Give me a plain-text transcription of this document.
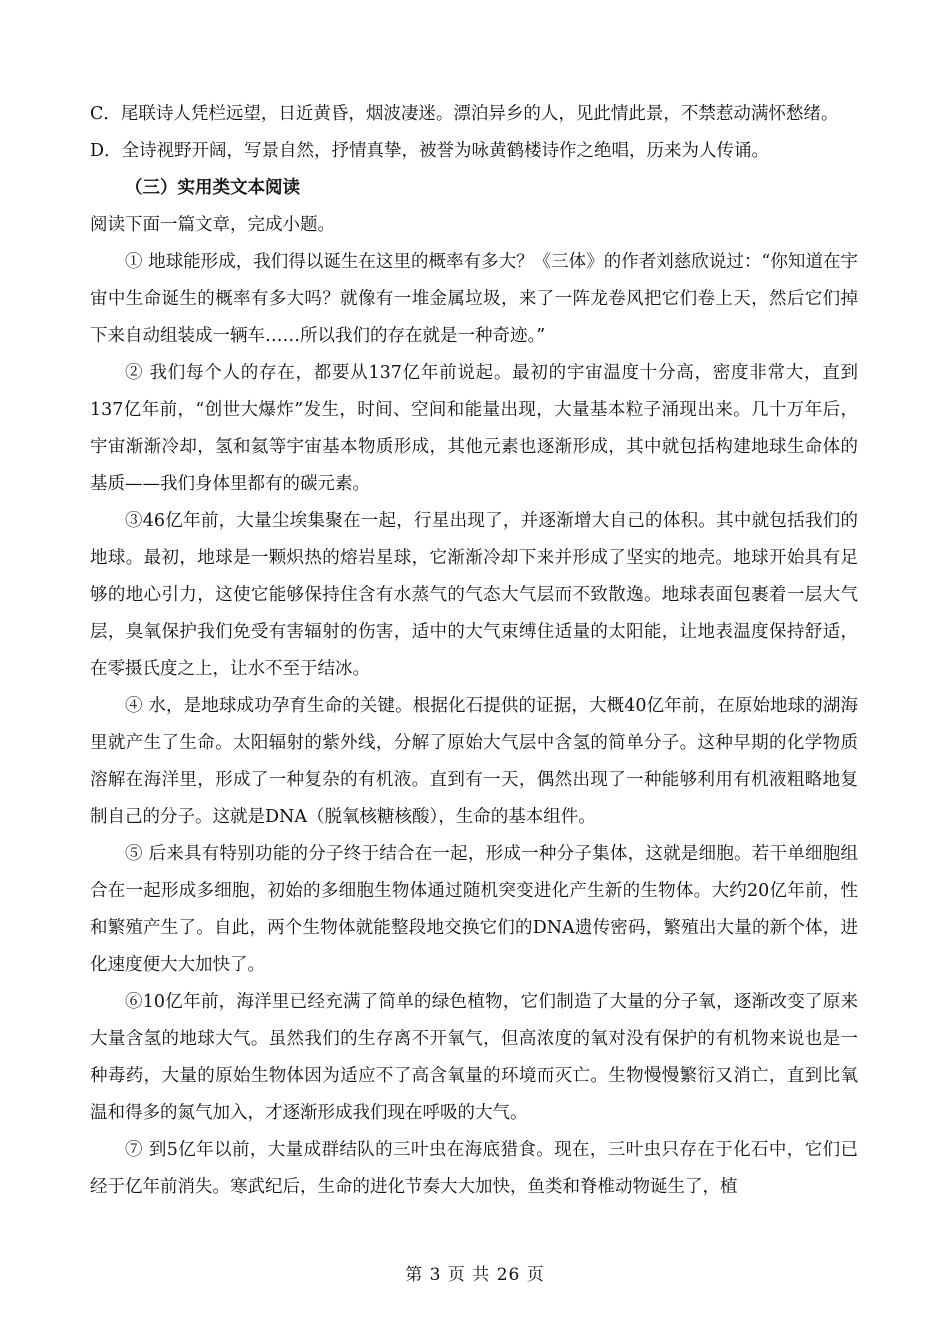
C．尾联诗人凭栏远望，日近黄昏，烟波凄迷。漂泊异乡的人，见此情此景，不禁惹动满怀愁绪。

D．全诗视野开阔，写景自然，抒情真挚，被誉为咏黄鹤楼诗作之绝唱，历来为人传诵。

（三）实用类文本阅读

阅读下面一篇文章，完成小题。

① 地球能形成，我们得以诞生在这里的概率有多大？《三体》的作者刘慈欣说过：“你知道在宇宙中生命诞生的概率有多大吗？就像有一堆金属垃圾，来了一阵龙卷风把它们卷上天，然后它们掉下来自动组装成一辆车……所以我们的存在就是一种奇迹。”

② 我们每个人的存在，都要从137亿年前说起。最初的宇宙温度十分高，密度非常大，直到137亿年前，“创世大爆炸”发生，时间、空间和能量出现，大量基本粒子涌现出来。几十万年后，宇宙渐渐冷却，氢和氦等宇宙基本物质形成，其他元素也逐渐形成，其中就包括构建地球生命体的基质——我们身体里都有的碳元素。

③46亿年前，大量尘埃集聚在一起，行星出现了，并逐渐增大自己的体积。其中就包括我们的地球。最初，地球是一颗炽热的熔岩星球，它渐渐冷却下来并形成了坚实的地壳。地球开始具有足够的地心引力，这使它能够保持住含有水蒸气的气态大气层而不致散逸。地球表面包裹着一层大气层，臭氧保护我们免受有害辐射的伤害，适中的大气束缚住适量的太阳能，让地表温度保持舒适，在零摄氏度之上，让水不至于结冰。

④ 水，是地球成功孕育生命的关键。根据化石提供的证据，大概40亿年前，在原始地球的湖海里就产生了生命。太阳辐射的紫外线，分解了原始大气层中含氢的简单分子。这种早期的化学物质溶解在海洋里，形成了一种复杂的有机液。直到有一天，偶然出现了一种能够利用有机液粗略地复制自己的分子。这就是DNA（脱氧核糖核酸），生命的基本组件。

⑤ 后来具有特别功能的分子终于结合在一起，形成一种分子集体，这就是细胞。若干单细胞组合在一起形成多细胞，初始的多细胞生物体通过随机突变进化产生新的生物体。大约20亿年前，性和繁殖产生了。自此，两个生物体就能整段地交换它们的DNA遗传密码，繁殖出大量的新个体，进化速度便大大加快了。

⑥10亿年前，海洋里已经充满了简单的绿色植物，它们制造了大量的分子氧，逐渐改变了原来大量含氢的地球大气。虽然我们的生存离不开氧气，但高浓度的氧对没有保护的有机物来说也是一种毒药，大量的原始生物体因为适应不了高含氧量的环境而灭亡。生物慢慢繁衍又消亡，直到比氧温和得多的氮气加入，才逐渐形成我们现在呼吸的大气。

⑦ 到5亿年以前，大量成群结队的三叶虫在海底猎食。现在，三叶虫只存在于化石中，它们已经于亿年前消失。寒武纪后，生命的进化节奏大大加快，鱼类和脊椎动物诞生了，植

第 3 页 共 26 页
